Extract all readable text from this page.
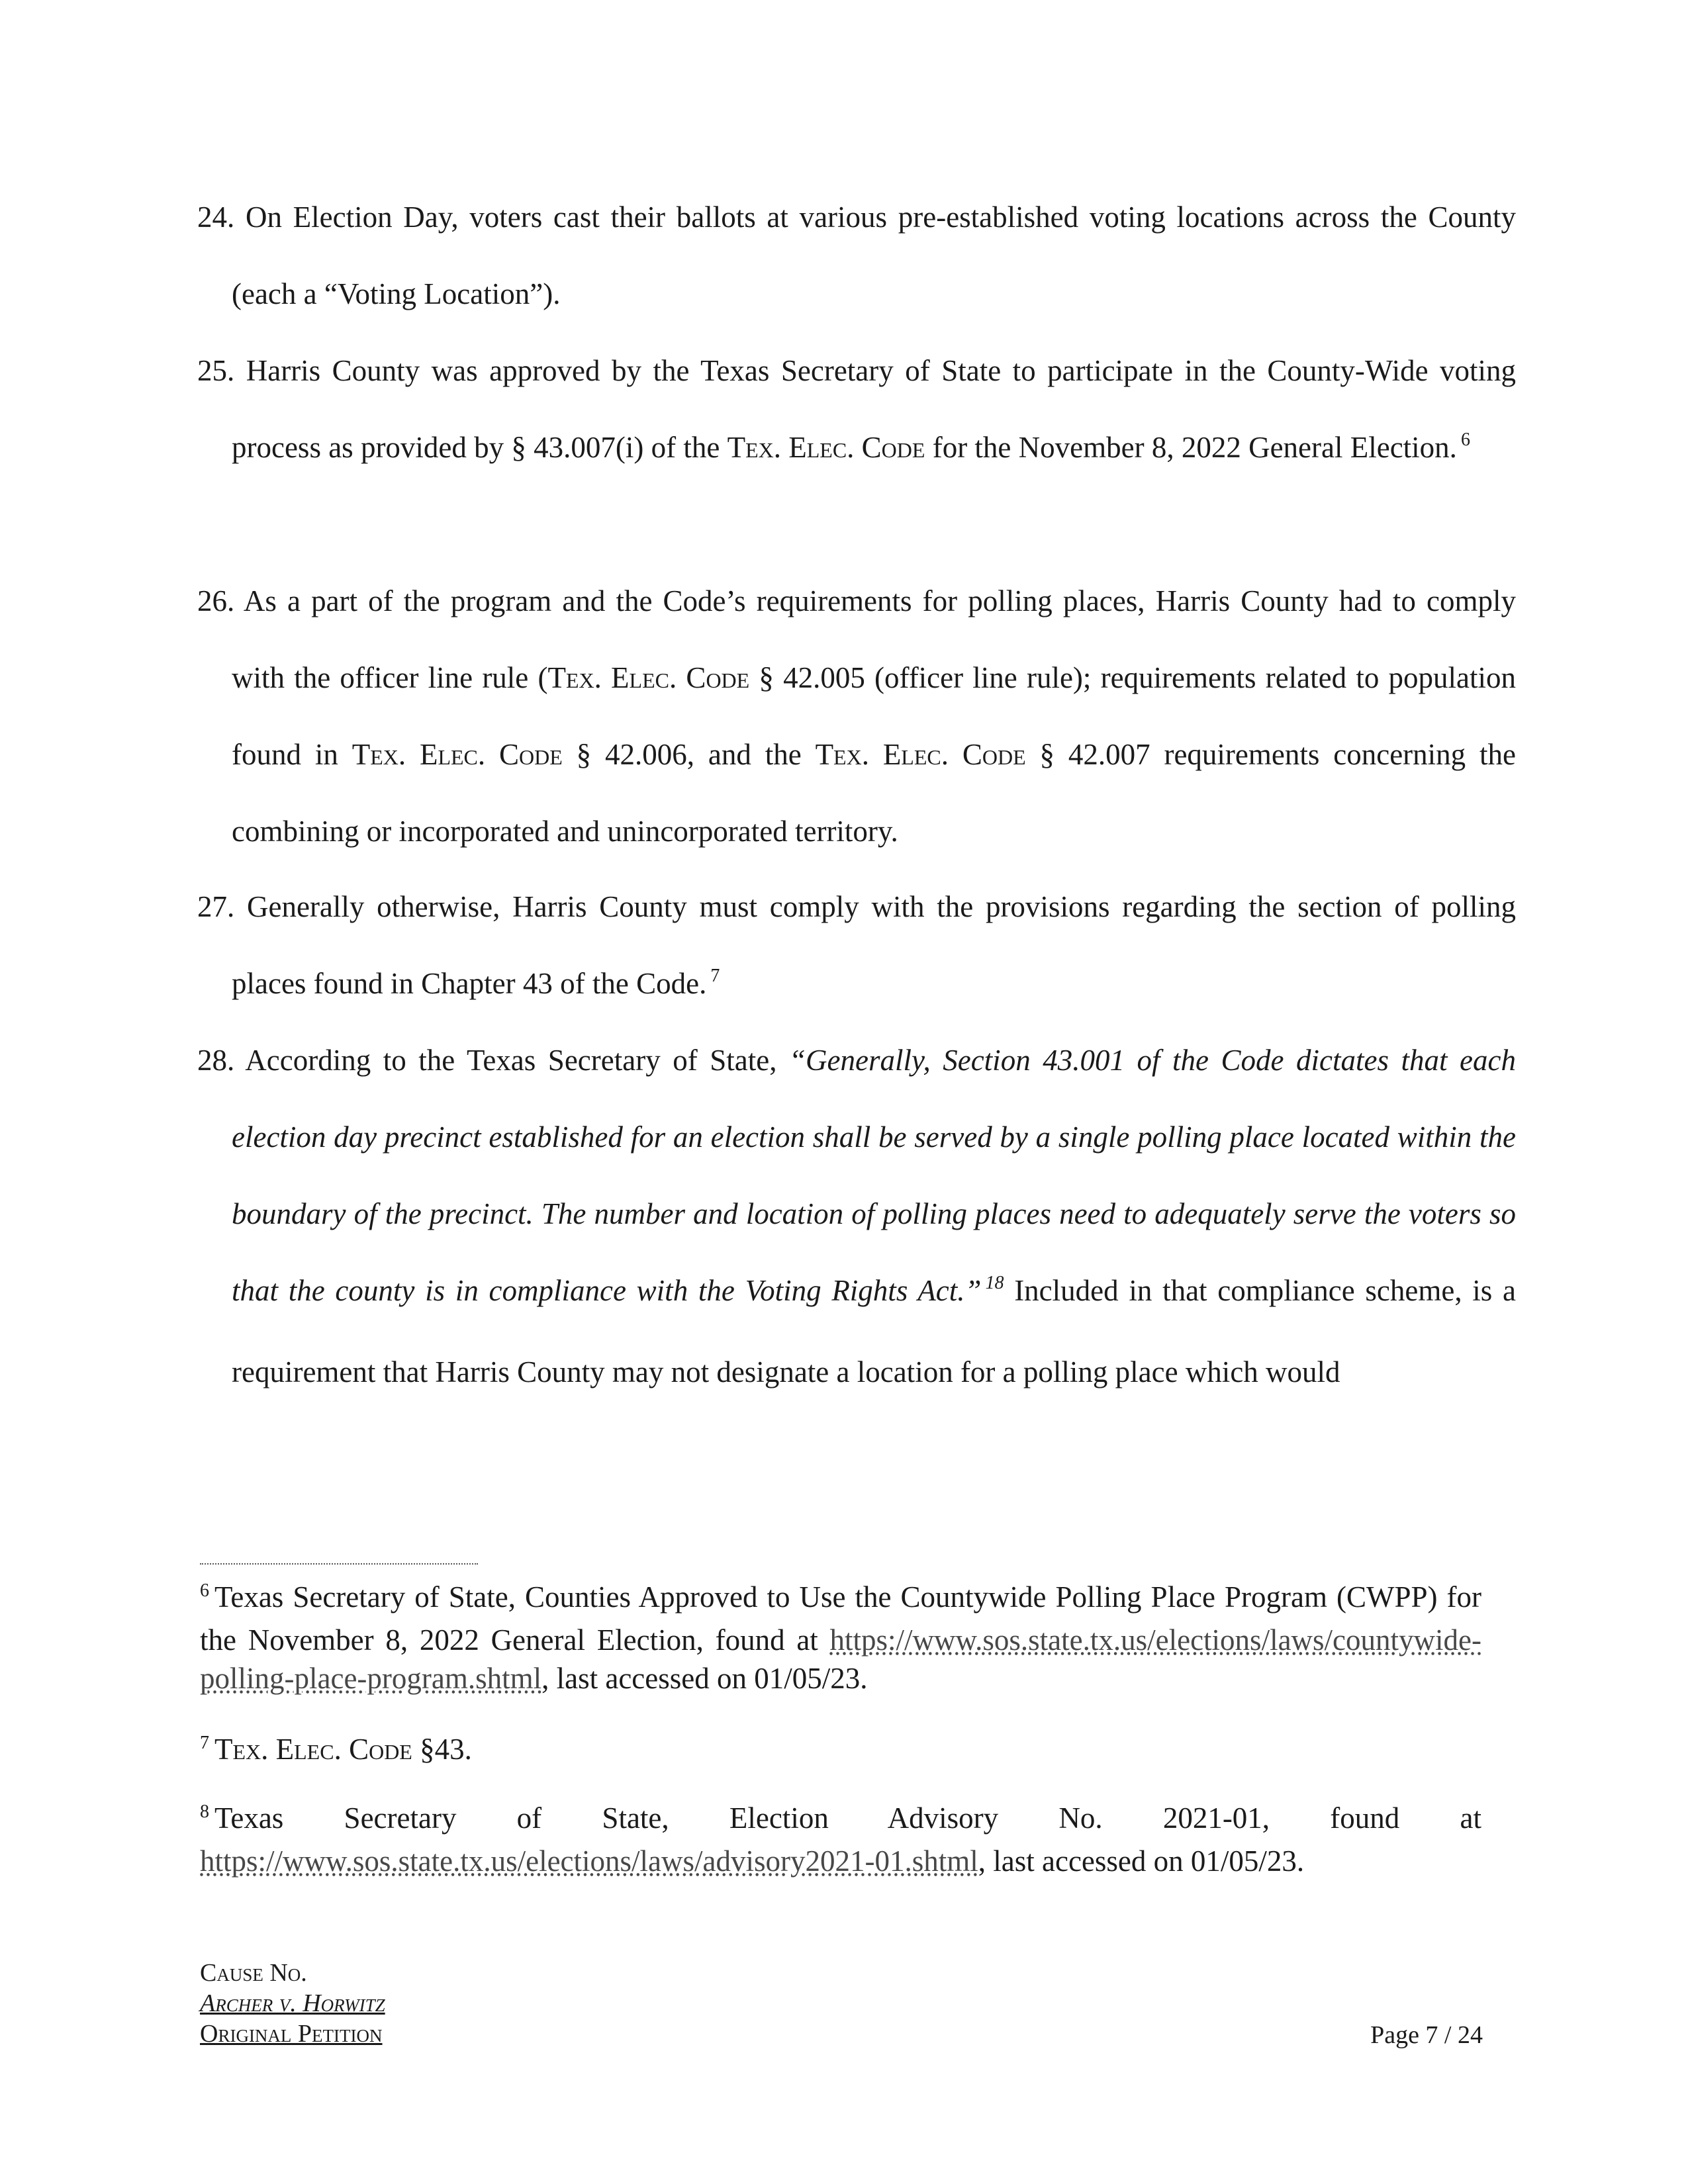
24. On Election Day, voters cast their ballots at various pre-established voting locations across the County (each a “Voting Location”).

25. Harris County was approved by the Texas Secretary of State to participate in the County-Wide voting process as provided by § 43.007(i) of the Tex. Elec. Code for the November 8, 2022 General Election. $^6$

26. As a part of the program and the Code’s requirements for polling places, Harris County had to comply with the officer line rule (Tex. Elec. Code § 42.005 (officer line rule); requirements related to population found in Tex. Elec. Code § 42.006, and the Tex. Elec. Code § 42.007 requirements concerning the combining or incorporated and unincorporated territory.

27. Generally otherwise, Harris County must comply with the provisions regarding the section of polling places found in Chapter 43 of the Code. $^7$

28. According to the Texas Secretary of State, “Generally, Section 43.001 of the Code dictates that each election day precinct established for an election shall be served by a single polling place located within the boundary of the precinct. The number and location of polling places need to adequately serve the voters so that the county is in compliance with the Voting Rights Act.” $^{18}$ Included in that compliance scheme, is a requirement that Harris County may not designate a location for a polling place which would

$^6$ Texas Secretary of State, Counties Approved to Use the Countywide Polling Place Program (CWPP) for the November 8, 2022 General Election, found at https://www.sos.state.tx.us/elections/laws/countywide-polling-place-program.shtml, last accessed on 01/05/23.

$^7$ Tex. Elec. Code §43.

$^8$ Texas Secretary of State, Election Advisory No. 2021-01, found at https://www.sos.state.tx.us/elections/laws/advisory2021-01.shtml, last accessed on 01/05/23.

Cause No.
Archer v. Horwitz
Original Petition	Page 7 / 24
